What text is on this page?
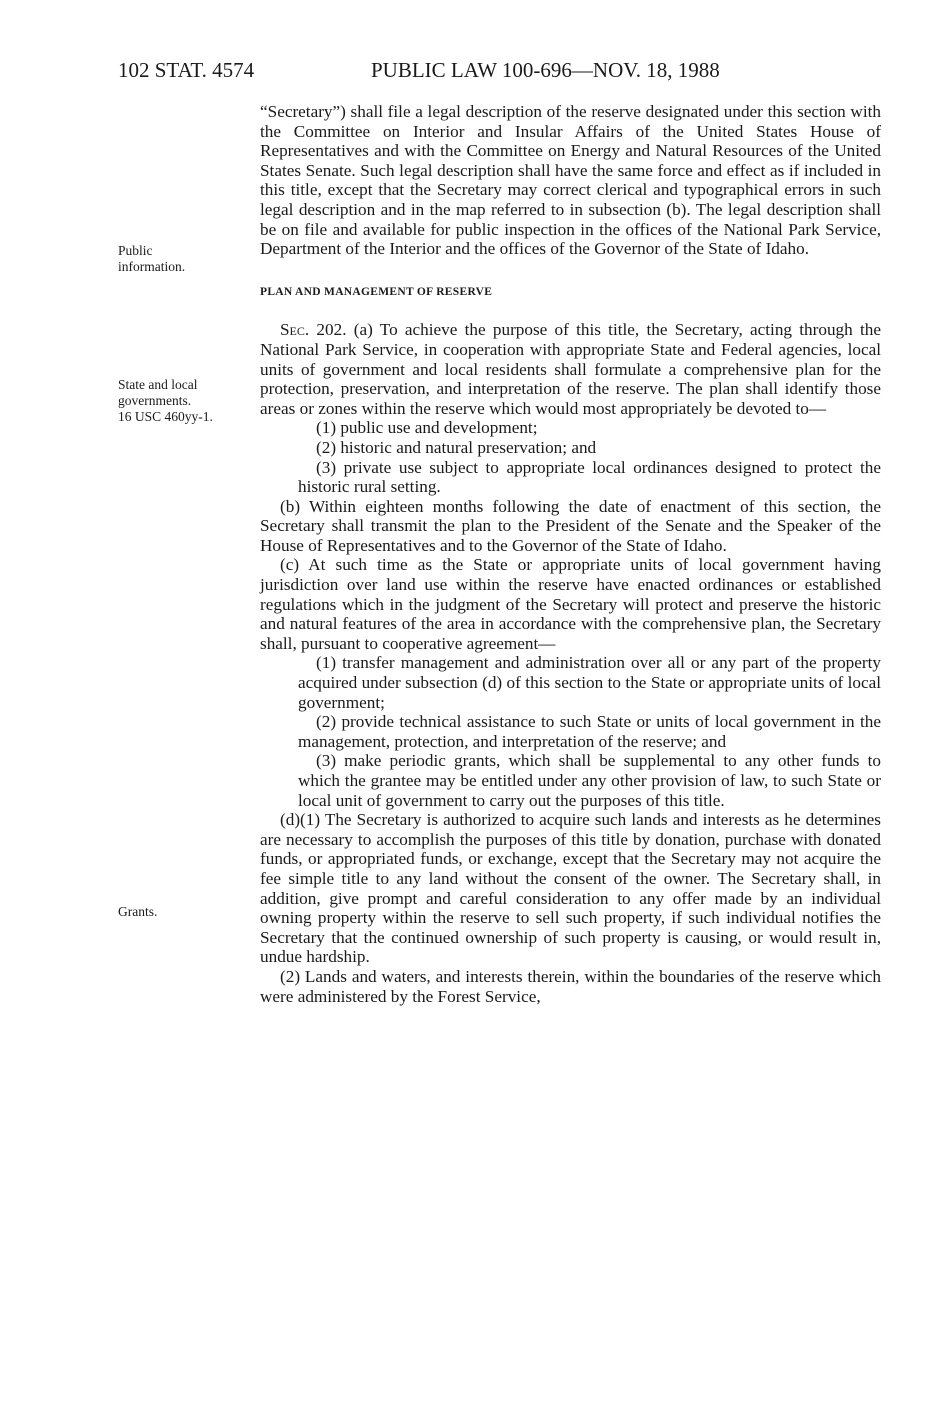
102 STAT. 4574	PUBLIC LAW 100-696—NOV. 18, 1988
Public
information.
State and local
governments.
16 USC 460yy-1.
Grants.

“Secretary”) shall file a legal description of the reserve designated under this section with the Committee on Interior and Insular Affairs of the United States House of Representatives and with the Committee on Energy and Natural Resources of the United States Senate. Such legal description shall have the same force and effect as if included in this title, except that the Secretary may correct clerical and typographical errors in such legal description and in the map referred to in subsection (b). The legal description shall be on file and available for public inspection in the offices of the National Park Service, Department of the Interior and the offices of the Governor of the State of Idaho.

PLAN AND MANAGEMENT OF RESERVE

Sec. 202. (a) To achieve the purpose of this title, the Secretary, acting through the National Park Service, in cooperation with appropriate State and Federal agencies, local units of government and local residents shall formulate a comprehensive plan for the protection, preservation, and interpretation of the reserve. The plan shall identify those areas or zones within the reserve which would most appropriately be devoted to—

(1) public use and development;

(2) historic and natural preservation; and

(3) private use subject to appropriate local ordinances designed to protect the historic rural setting.

(b) Within eighteen months following the date of enactment of this section, the Secretary shall transmit the plan to the President of the Senate and the Speaker of the House of Representatives and to the Governor of the State of Idaho.

(c) At such time as the State or appropriate units of local government having jurisdiction over land use within the reserve have enacted ordinances or established regulations which in the judgment of the Secretary will protect and preserve the historic and natural features of the area in accordance with the comprehensive plan, the Secretary shall, pursuant to cooperative agreement—

(1) transfer management and administration over all or any part of the property acquired under subsection (d) of this section to the State or appropriate units of local government;

(2) provide technical assistance to such State or units of local government in the management, protection, and interpretation of the reserve; and

(3) make periodic grants, which shall be supplemental to any other funds to which the grantee may be entitled under any other provision of law, to such State or local unit of government to carry out the purposes of this title.

(d)(1) The Secretary is authorized to acquire such lands and interests as he determines are necessary to accomplish the purposes of this title by donation, purchase with donated funds, or appropriated funds, or exchange, except that the Secretary may not acquire the fee simple title to any land without the consent of the owner. The Secretary shall, in addition, give prompt and careful consideration to any offer made by an individual owning property within the reserve to sell such property, if such individual notifies the Secretary that the continued ownership of such property is causing, or would result in, undue hardship.

(2) Lands and waters, and interests therein, within the boundaries of the reserve which were administered by the Forest Service,
